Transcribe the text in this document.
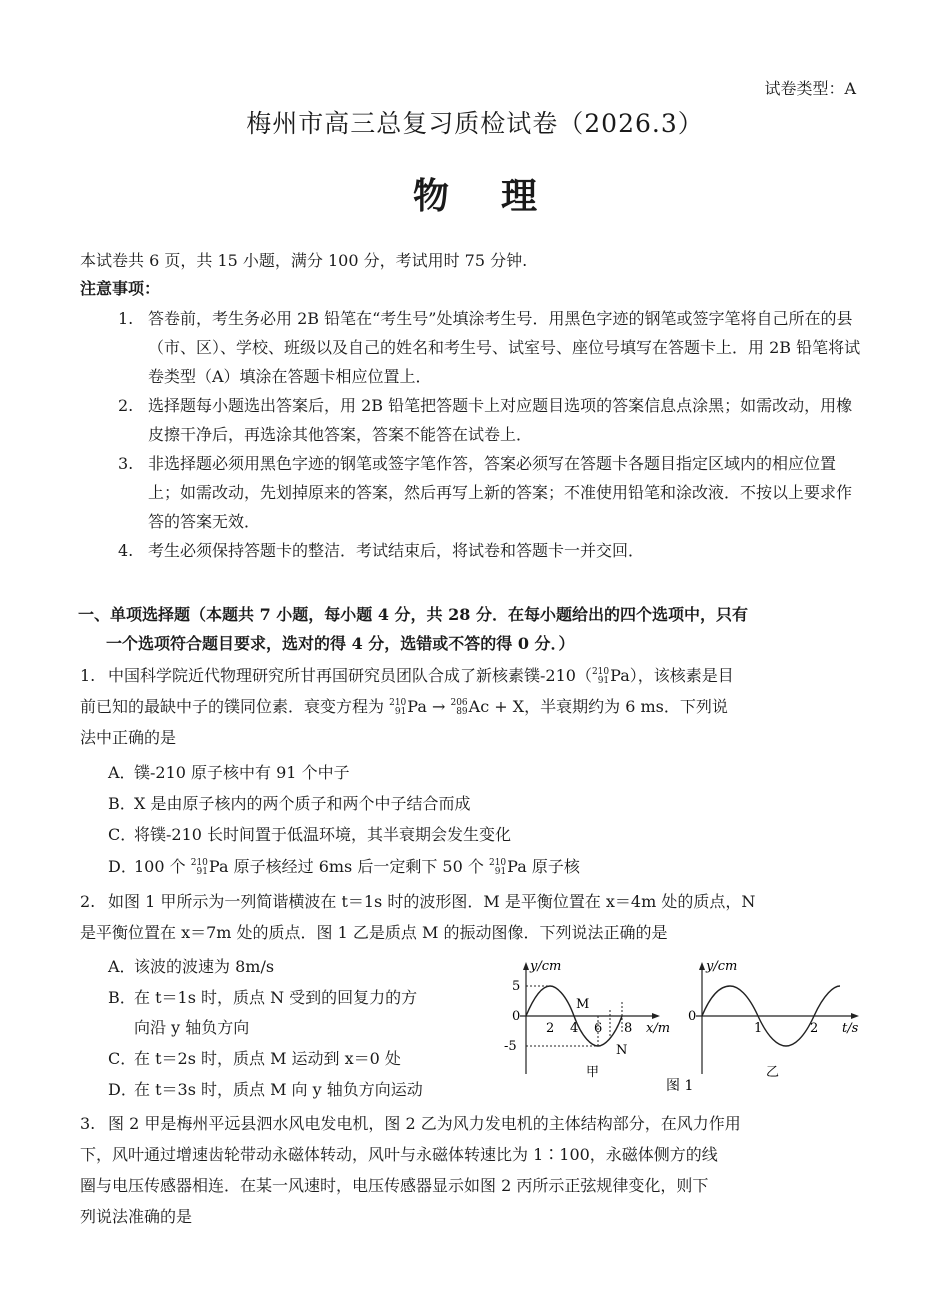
试卷类型：A
梅州市高三总复习质检试卷（2026.3）
物理
本试卷共 6 页，共 15 小题，满分 100 分，考试用时 75 分钟.
注意事项：

1. 答卷前，考生务必用 2B 铅笔在“考生号”处填涂考生号．用黑色字迹的钢笔或签字笔将自己所在的县（市、区）、学校、班级以及自己的姓名和考生号、试室号、座位号填写在答题卡上．用 2B 铅笔将试卷类型（A）填涂在答题卡相应位置上．

2. 选择题每小题选出答案后，用 2B 铅笔把答题卡上对应题目选项的答案信息点涂黑；如需改动，用橡皮擦干净后，再选涂其他答案，答案不能答在试卷上．

3. 非选择题必须用黑色字迹的钢笔或签字笔作答，答案必须写在答题卡各题目指定区域内的相应位置上；如需改动，先划掉原来的答案，然后再写上新的答案；不准使用铅笔和涂改液．不按以上要求作答的答案无效．

4. 考生必须保持答题卡的整洁．考试结束后，将试卷和答题卡一并交回．

一、单项选择题（本题共 7 小题，每小题 4 分，共 28 分．在每小题给出的四个选项中，只有
一个选项符合题目要求，选对的得 4 分，选错或不答的得 0 分．）
1. 中国科学院近代物理研究所甘再国研究员团队合成了新核素镤-210（ 210
91 Pa），该核素是目
前已知的最缺中子的镤同位素．衰变方程为 210
91 Pa → 206
89 Ac + X，半衰期约为 6 ms．下列说
法中正确的是
A．镤-210 原子核中有 91 个中子
B．X 是由原子核内的两个质子和两个中子结合而成
C．将镤-210 长时间置于低温环境，其半衰期会发生变化
D．100 个 210
91 Pa 原子核经过 6ms 后一定剩下 50 个 210
91 Pa 原子核
2. 如图 1 甲所示为一列简谐横波在 t＝1s 时的波形图．M 是平衡位置在 x＝4m 处的质点，N
是平衡位置在 x＝7m 处的质点．图 1 乙是质点 M 的振动图像．下列说法正确的是
A．该波的波速为 8m/s
B．在 t＝1s 时，质点 N 受到的回复力的方
向沿 y 轴负方向
C．在 t＝2s 时，质点 M 运动到 x＝0 处
D．在 t＝3s 时，质点 M 向 y 轴负方向运动
y/cm
5
0
-5
2 4 6 8 x/m
M
N
甲
y/cm
0
1	2 t/s
乙
图 1
3. 图 2 甲是梅州平远县泗水风电发电机，图 2 乙为风力发电机的主体结构部分，在风力作用
下，风叶通过增速齿轮带动永磁体转动，风叶与永磁体转速比为 1∶100，永磁体侧方的线
圈与电压传感器相连．在某一风速时，电压传感器显示如图 2 丙所示正弦规律变化，则下
列说法准确的是
